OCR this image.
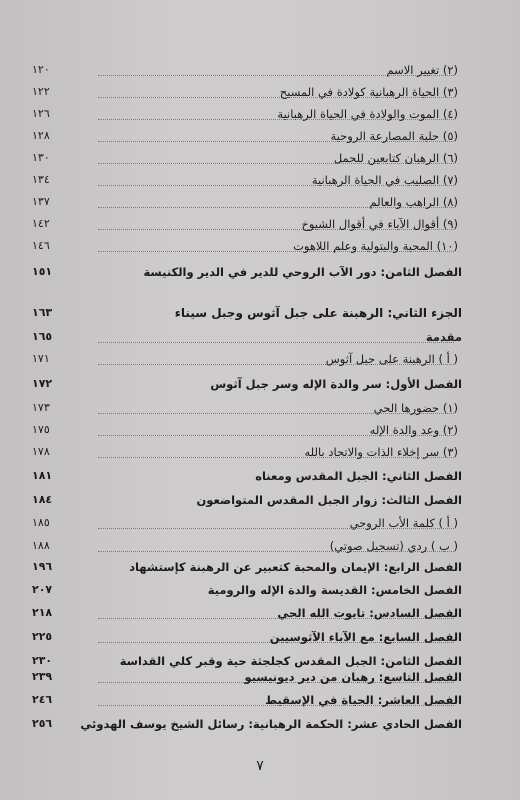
١٢٠	(٢) تغيير الاسم
١٢٢	(٣) الحياة الرهبانية كولادة في المسيح
١٢٦	(٤) الموت والولادة في الحياة الرهبانية
١٢٨	(٥) حلبة المصارعة الروحية
١٣٠	(٦) الرهبان كتابعين للحمل
١٣٤	(٧) الصليب في الحياة الرهبانية
١٣٧	(٨) الراهب والعالم
١٤٢	(٩) أقوال الآباء في أقوال الشيوخ
١٤٦	(١٠) المحبة والبتولية وعلم اللاهوت
١٥١	الفصل الثامن: دور الآب الروحي للدير في الدير والكنيسة
١٦٣	الجزء الثاني: الرهبنة على جبل آثوس وجبل سيناء
١٦٥	مقدمة
١٧١	( أ ) الرهبنة على جبل آثوس
١٧٢	الفصل الأول: سر والدة الإله وسر جبل آثوس
١٧٣	(١) حضورها الحي
١٧٥	(٢) وعد والدة الإله
١٧٨	(٣) سر إخلاء الذات والاتحاد بالله
١٨١	الفصل الثاني: الجبل المقدس ومعناه
١٨٤	الفصل الثالث: زوار الجبل المقدس المتواضعون
١٨٥	( أ ) كلمة الأب الروحي
١٨٨	( ب ) ردي (تسجيل صوتي)
١٩٦	الفصل الرابع: الإيمان والمحبة كتعبير عن الرهبنة كإستشهاد
٢٠٧	الفصل الخامس: القديسة والدة الإله والرومية
٢١٨	الفصل السادس: تابوت الله الحي
٢٢٥	الفصل السابع: مع الآباء الآثوسيين
٢٣٠	الفصل الثامن: الجبل المقدس كجلجثة حية وقبر كلي القداسة
٢٣٩	الفصل التاسع: رهبان من دير ديونيسيو
٢٤٦	الفصل العاشر: الحياة في الإسقيط
٢٥٦	الفصل الحادي عشر: الحكمة الرهبانية: رسائل الشيخ يوسف الهدوئي
٧
